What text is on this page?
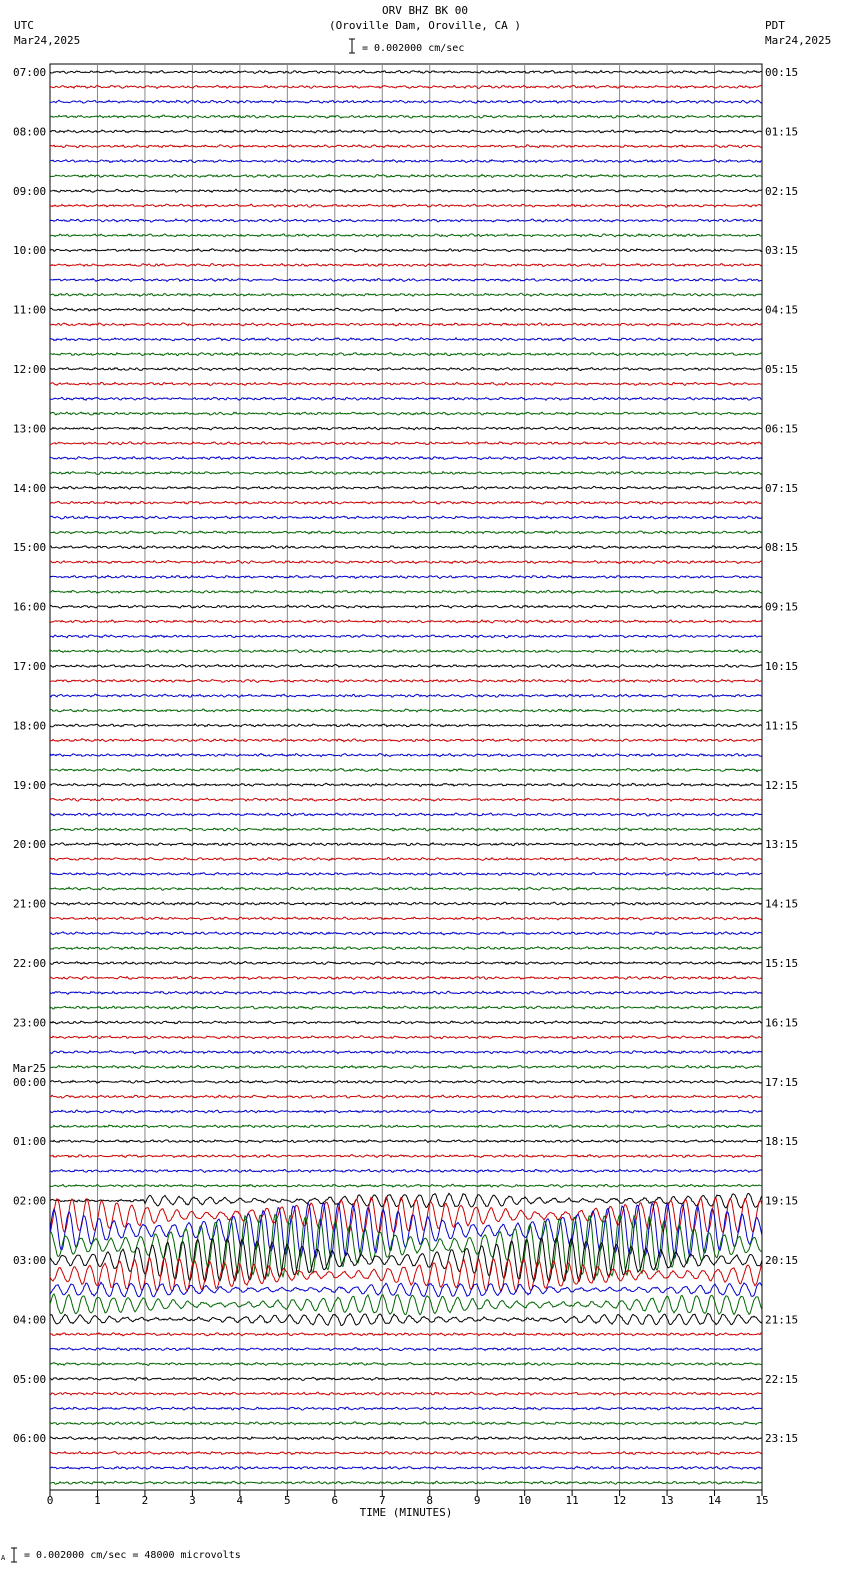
ORV BHZ BK 00
(Oroville Dam, Oroville, CA )
= 0.002000 cm/sec
UTC
Mar24,2025
PDT
Mar24,2025
07:00
08:00
09:00
10:00
11:00
12:00
13:00
14:00
15:00
16:00
17:00
18:00
19:00
20:00
21:00
22:00
23:00
00:00
Mar25
01:00
02:00
03:00
04:00
05:00
06:00
00:15
01:15
02:15
03:15
04:15
05:15
06:15
07:15
08:15
09:15
10:15
11:15
12:15
13:15
14:15
15:15
16:15
17:15
18:15
19:15
20:15
21:15
22:15
23:15
0	1	2	3	4	5	6	7	8	9	10	11	12	13	14	15
TIME (MINUTES)
A = 0.002000 cm/sec = 48000 microvolts
